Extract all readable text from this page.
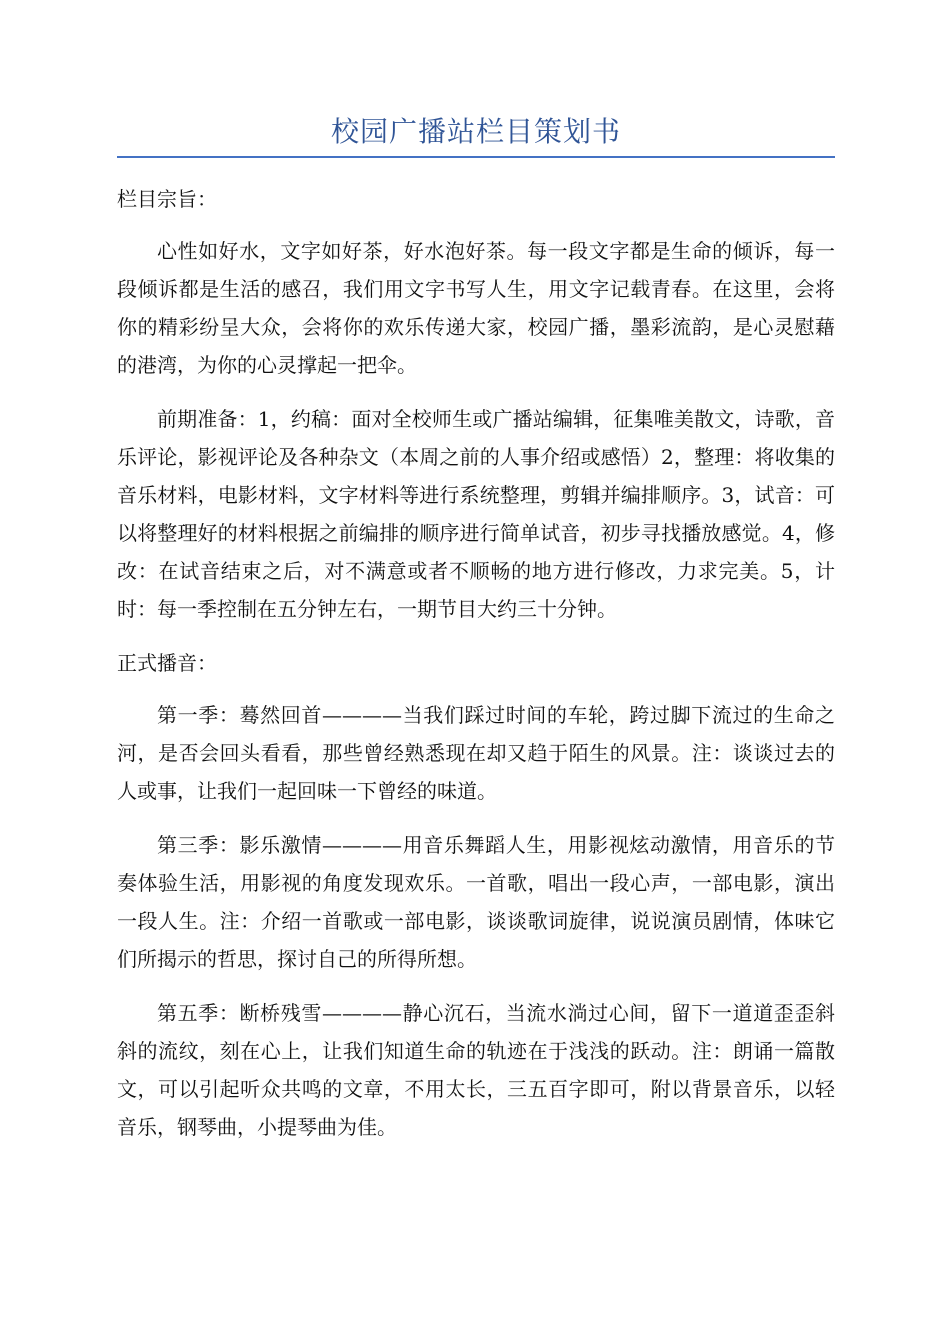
校园广播站栏目策划书

栏目宗旨：

心性如好水，文字如好茶，好水泡好茶。每一段文字都是生命的倾诉，每一段倾诉都是生活的感召，我们用文字书写人生，用文字记载青春。在这里，会将你的精彩纷呈大众，会将你的欢乐传递大家，校园广播，墨彩流韵，是心灵慰藉的港湾，为你的心灵撑起一把伞。

前期准备：1，约稿：面对全校师生或广播站编辑，征集唯美散文，诗歌，音乐评论，影视评论及各种杂文（本周之前的人事介绍或感悟）2，整理：将收集的音乐材料，电影材料，文字材料等进行系统整理，剪辑并编排顺序。3，试音：可以将整理好的材料根据之前编排的顺序进行简单试音，初步寻找播放感觉。4，修改：在试音结束之后，对不满意或者不顺畅的地方进行修改，力求完美。5，计时：每一季控制在五分钟左右，一期节目大约三十分钟。

正式播音：

第一季：蓦然回首————当我们踩过时间的车轮，跨过脚下流过的生命之河，是否会回头看看，那些曾经熟悉现在却又趋于陌生的风景。注：谈谈过去的人或事，让我们一起回味一下曾经的味道。

第三季：影乐激情————用音乐舞蹈人生，用影视炫动激情，用音乐的节奏体验生活，用影视的角度发现欢乐。一首歌，唱出一段心声，一部电影，演出一段人生。注：介绍一首歌或一部电影，谈谈歌词旋律，说说演员剧情，体味它们所揭示的哲思，探讨自己的所得所想。

第五季：断桥残雪————静心沉石，当流水淌过心间，留下一道道歪歪斜斜的流纹，刻在心上，让我们知道生命的轨迹在于浅浅的跃动。注：朗诵一篇散文，可以引起听众共鸣的文章，不用太长，三五百字即可，附以背景音乐，以轻音乐，钢琴曲，小提琴曲为佳。
